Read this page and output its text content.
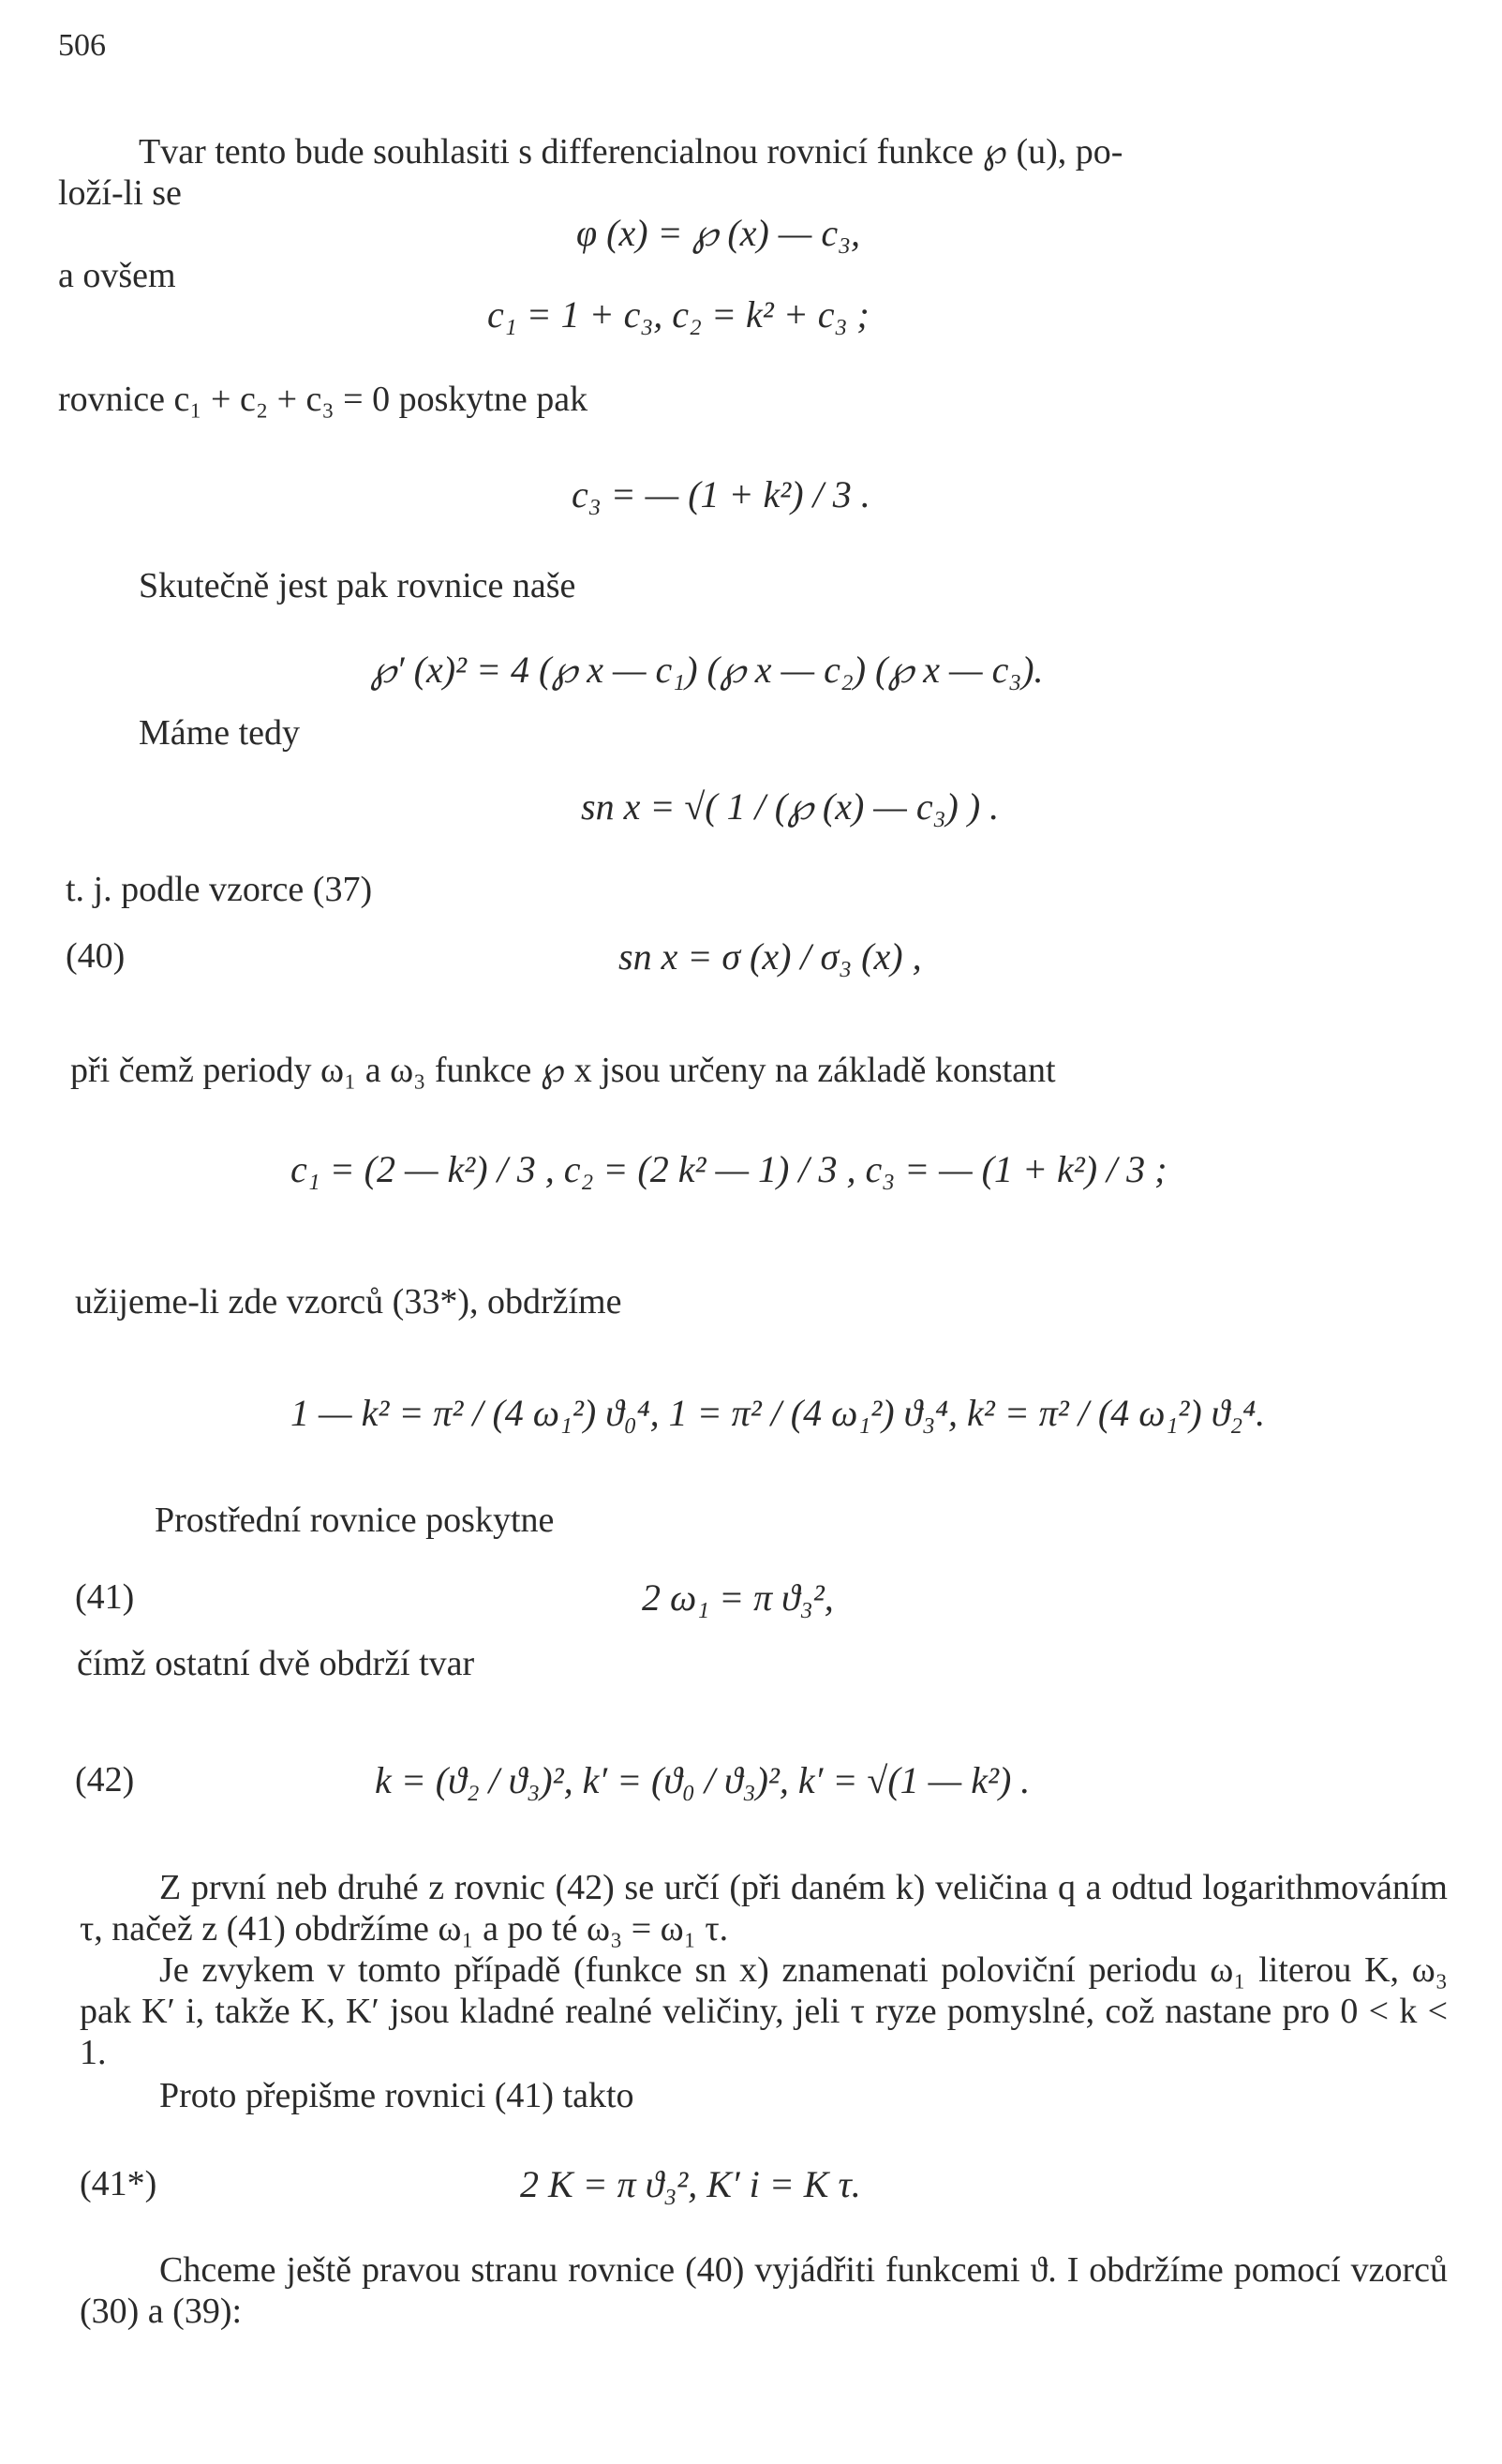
506
Tvar tento bude souhlasiti s differencialnou rovnicí funkce ℘ (u), po-
loží-li se
φ (x) = ℘ (x) — c₃,
a ovšem
c₁ = 1 + c₃, c₂ = k² + c₃ ;
rovnice c₁ + c₂ + c₃ = 0 poskytne pak
c₃ = — (1 + k²) / 3 .
Skutečně jest pak rovnice naše
℘′ (x)² = 4 (℘ x — c₁) (℘ x — c₂) (℘ x — c₃).
Máme tedy
sn x = √( 1 / (℘ (x) — c₃) ) .
t. j. podle vzorce (37)
(40)	sn x = σ (x) / σ₃ (x) ,
při čemž periody ω₁ a ω₃ funkce ℘ x jsou určeny na základě konstant
c₁ = (2 — k²) / 3 , c₂ = (2 k² — 1) / 3 , c₃ = — (1 + k²) / 3 ;
užijeme-li zde vzorců (33*), obdržíme
1 — k² = π² / (4 ω₁²) ϑ₀⁴, 1 = π² / (4 ω₁²) ϑ₃⁴, k² = π² / (4 ω₁²) ϑ₂⁴.
Prostřední rovnice poskytne
(41)	2 ω₁ = π ϑ₃²,
čímž ostatní dvě obdrží tvar
(42)	k = (ϑ₂ / ϑ₃)², k′ = (ϑ₀ / ϑ₃)², k′ = √(1 — k²) .
Z první neb druhé z rovnic (42) se určí (při daném k) veličina q a odtud logarithmováním τ, načež z (41) obdržíme ω₁ a po té ω₃ = ω₁ τ.
Je zvykem v tomto případě (funkce sn x) znamenati poloviční periodu ω₁ literou K, ω₃ pak K′ i, takže K, K′ jsou kladné realné veličiny, jeli τ ryze pomyslné, což nastane pro 0 < k < 1.
Proto přepišme rovnici (41) takto
(41*)	2 K = π ϑ₃², K′ i = K τ.
Chceme ještě pravou stranu rovnice (40) vyjádřiti funkcemi ϑ. I obdržíme pomocí vzorců (30) a (39):
